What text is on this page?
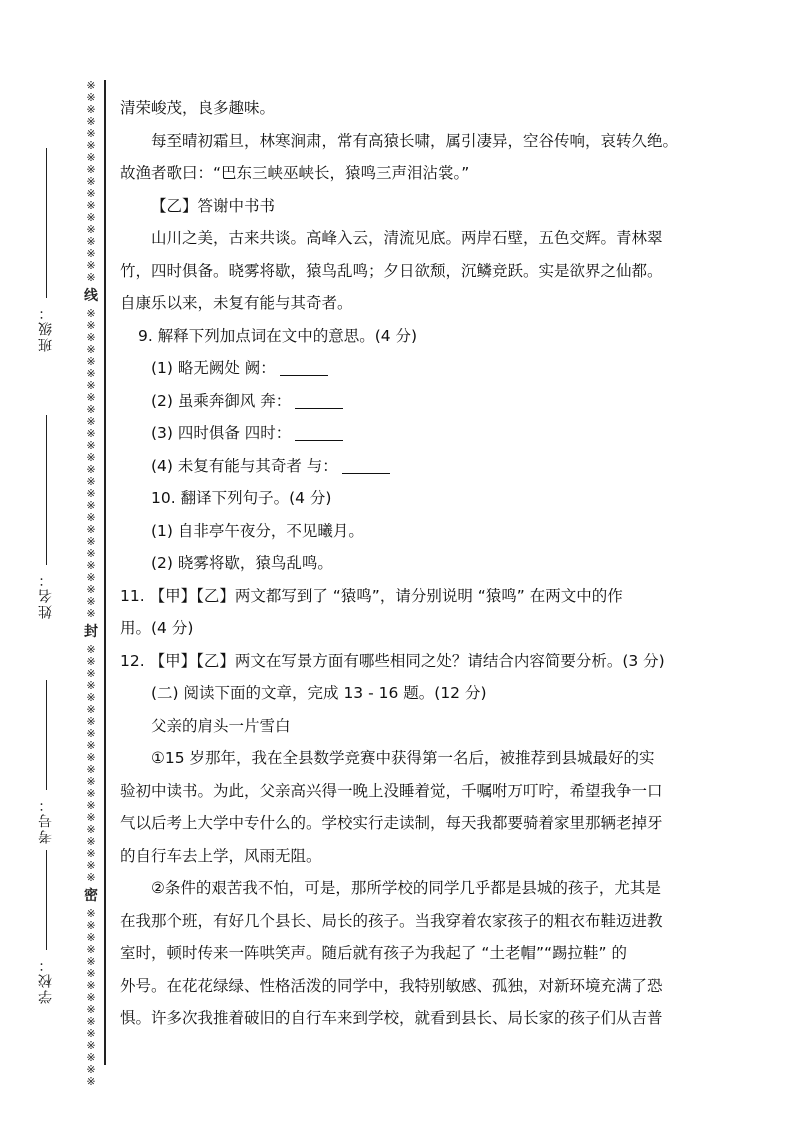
※※※※※※※※※※※※※※※※※
线
※※※※※※※※※※※※※※※※※※※※※※※※※※
封
※※※※※※※※※※※※※※※※※※※※
密
※※※※※※※※※※※※※※※
班级：
姓名：
考号：
学校：

清荣峻茂，良多趣味。

每至晴初霜旦，林寒涧肃，常有高猿长啸，属引凄异，空谷传响，哀转久绝。

故渔者歌曰：“巴东三峡巫峡长，猿鸣三声泪沾裳。”

【乙】答谢中书书

山川之美，古来共谈。高峰入云，清流见底。两岸石壁，五色交辉。青林翠

竹，四时俱备。晓雾将歇，猿鸟乱鸣；夕日欲颓，沉鳞竞跃。实是欲界之仙都。

自康乐以来，未复有能与其奇者。

9. 解释下列加点词在文中的意思。(4 分)

(1) 略无阙处 阙：

(2) 虽乘奔御风 奔：

(3) 四时俱备 四时：

(4) 未复有能与其奇者 与：

10. 翻译下列句子。(4 分)

(1) 自非亭午夜分，不见曦月。

(2) 晓雾将歇，猿鸟乱鸣。

11. 【甲】【乙】两文都写到了 “猿鸣”，请分别说明 “猿鸣” 在两文中的作

用。(4 分)

12. 【甲】【乙】两文在写景方面有哪些相同之处？请结合内容简要分析。(3 分)

(二) 阅读下面的文章，完成 13 - 16 题。(12 分)

父亲的肩头一片雪白

①15 岁那年，我在全县数学竞赛中获得第一名后，被推荐到县城最好的实

验初中读书。为此，父亲高兴得一晚上没睡着觉，千嘱咐万叮咛，希望我争一口

气以后考上大学中专什么的。学校实行走读制，每天我都要骑着家里那辆老掉牙

的自行车去上学，风雨无阻。

②条件的艰苦我不怕，可是，那所学校的同学几乎都是县城的孩子，尤其是

在我那个班，有好几个县长、局长的孩子。当我穿着农家孩子的粗衣布鞋迈进教

室时，顿时传来一阵哄笑声。随后就有孩子为我起了 “土老帽”“踢拉鞋” 的

外号。在花花绿绿、性格活泼的同学中，我特别敏感、孤独，对新环境充满了恐

惧。许多次我推着破旧的自行车来到学校，就看到县长、局长家的孩子们从吉普
